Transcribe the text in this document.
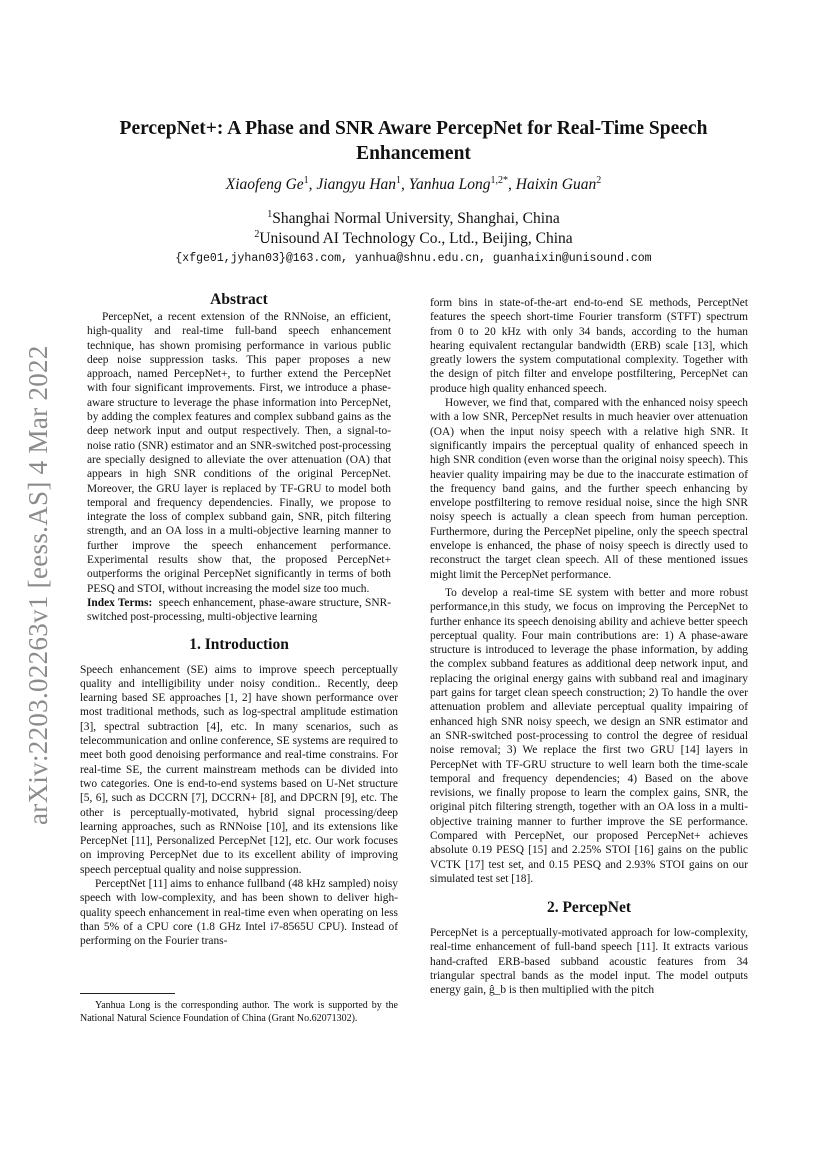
arXiv:2203.02263v1 [eess.AS] 4 Mar 2022
PercepNet+: A Phase and SNR Aware PercepNet for Real-Time Speech Enhancement
Xiaofeng Ge$^1$, Jiangyu Han$^1$, Yanhua Long$^{1,2*}$, Haixin Guan$^2$
$^1$Shanghai Normal University, Shanghai, China
$^2$Unisound AI Technology Co., Ltd., Beijing, China
{xfge01,jyhan03}@163.com, yanhua@shnu.edu.cn, guanhaixin@unisound.com
Abstract

PercepNet, a recent extension of the RNNoise, an efficient, high-quality and real-time full-band speech enhancement technique, has shown promising performance in various public deep noise suppression tasks. This paper proposes a new approach, named PercepNet+, to further extend the PercepNet with four significant improvements. First, we introduce a phase-aware structure to leverage the phase information into PercepNet, by adding the complex features and complex subband gains as the deep network input and output respectively. Then, a signal-to-noise ratio (SNR) estimator and an SNR-switched post-processing are specially designed to alleviate the over attenuation (OA) that appears in high SNR conditions of the original PercepNet. Moreover, the GRU layer is replaced by TF-GRU to model both temporal and frequency dependencies. Finally, we propose to integrate the loss of complex subband gain, SNR, pitch filtering strength, and an OA loss in a multi-objective learning manner to further improve the speech enhancement performance. Experimental results show that, the proposed PercepNet+ outperforms the original PercepNet significantly in terms of both PESQ and STOI, without increasing the model size too much.

Index Terms: speech enhancement, phase-aware structure, SNR-switched post-processing, multi-objective learning

1. Introduction

Speech enhancement (SE) aims to improve speech perceptually quality and intelligibility under noisy condition.. Recently, deep learning based SE approaches [1, 2] have shown performance over most traditional methods, such as log-spectral amplitude estimation [3], spectral subtraction [4], etc. In many scenarios, such as telecommunication and online conference, SE systems are required to meet both good denoising performance and real-time constrains. For real-time SE, the current mainstream methods can be divided into two categories. One is end-to-end systems based on U-Net structure [5, 6], such as DCCRN [7], DCCRN+ [8], and DPCRN [9], etc. The other is perceptually-motivated, hybrid signal processing/deep learning approaches, such as RNNoise [10], and its extensions like PercepNet [11], Personalized PercepNet [12], etc. Our work focuses on improving PercepNet due to its excellent ability of improving speech perceptual quality and noise suppression.

PerceptNet [11] aims to enhance fullband (48 kHz sampled) noisy speech with low-complexity, and has been shown to deliver high-quality speech enhancement in real-time even when operating on less than 5% of a CPU core (1.8 GHz Intel i7-8565U CPU). Instead of performing on the Fourier trans-

Yanhua Long is the corresponding author. The work is supported by the National Natural Science Foundation of China (Grant No.62071302).

form bins in state-of-the-art end-to-end SE methods, PerceptNet features the speech short-time Fourier transform (STFT) spectrum from 0 to 20 kHz with only 34 bands, according to the human hearing equivalent rectangular bandwidth (ERB) scale [13], which greatly lowers the system computational complexity. Together with the design of pitch filter and envelope postfiltering, PercepNet can produce high quality enhanced speech.

However, we find that, compared with the enhanced noisy speech with a low SNR, PercepNet results in much heavier over attenuation (OA) when the input noisy speech with a relative high SNR. It significantly impairs the perceptual quality of enhanced speech in high SNR condition (even worse than the original noisy speech). This heavier quality impairing may be due to the inaccurate estimation of the frequency band gains, and the further speech enhancing by envelope postfiltering to remove residual noise, since the high SNR noisy speech is actually a clean speech from human perception. Furthermore, during the PercepNet pipeline, only the speech spectral envelope is enhanced, the phase of noisy speech is directly used to reconstruct the target clean speech. All of these mentioned issues might limit the PercepNet performance.

To develop a real-time SE system with better and more robust performance,in this study, we focus on improving the PercepNet to further enhance its speech denoising ability and achieve better speech perceptual quality. Four main contributions are: 1) A phase-aware structure is introduced to leverage the phase information, by adding the complex subband features as additional deep network input, and replacing the original energy gains with subband real and imaginary part gains for target clean speech construction; 2) To handle the over attenuation problem and alleviate perceptual quality impairing of enhanced high SNR noisy speech, we design an SNR estimator and an SNR-switched post-processing to control the degree of residual noise removal; 3) We replace the first two GRU [14] layers in PercepNet with TF-GRU structure to well learn both the time-scale temporal and frequency dependencies; 4) Based on the above revisions, we finally propose to learn the complex gains, SNR, the original pitch filtering strength, together with an OA loss in a multi-objective training manner to further improve the SE performance. Compared with PercepNet, our proposed PercepNet+ achieves absolute 0.19 PESQ [15] and 2.25% STOI [16] gains on the public VCTK [17] test set, and 0.15 PESQ and 2.93% STOI gains on our simulated test set [18].

2. PercepNet

PercepNet is a perceptually-motivated approach for low-complexity, real-time enhancement of full-band speech [11]. It extracts various hand-crafted ERB-based subband acoustic features from 34 triangular spectral bands as the model input. The model outputs energy gain, ĝ_b is then multiplied with the pitch
